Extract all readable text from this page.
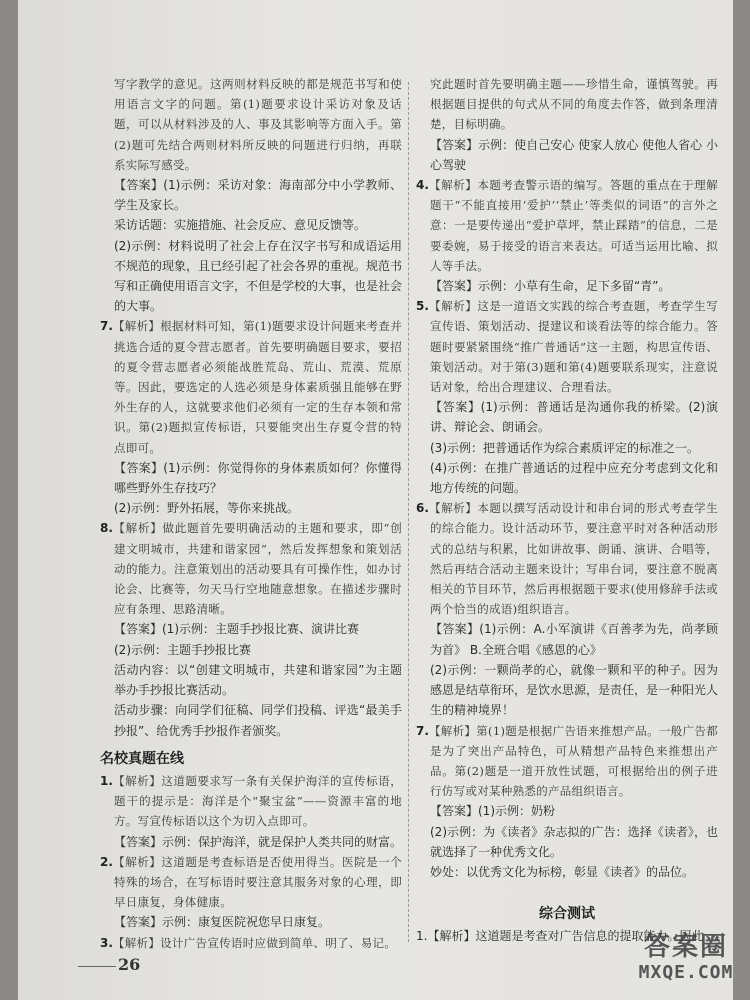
写字教学的意见。这两则材料反映的都是规范书写和使用语言文字的问题。第(1)题要求设计采访对象及话题，可以从材料涉及的人、事及其影响等方面入手。第(2)题可先结合两则材料所反映的问题进行归纳，再联系实际写感受。

【答案】(1)示例：采访对象：海南部分中小学教师、学生及家长。

采访话题：实施措施、社会反应、意见反馈等。

(2)示例：材料说明了社会上存在汉字书写和成语运用不规范的现象，且已经引起了社会各界的重视。规范书写和正确使用语言文字，不但是学校的大事，也是社会的大事。

7.【解析】根据材料可知，第(1)题要求设计问题来考查并挑选合适的夏令营志愿者。首先要明确题目要求，要招的夏令营志愿者必须能战胜荒岛、荒山、荒漠、荒原等。因此，要选定的人选必须是身体素质强且能够在野外生存的人，这就要求他们必须有一定的生存本领和常识。第(2)题拟宣传标语，只要能突出生存夏令营的特点即可。

【答案】(1)示例：你觉得你的身体素质如何？你懂得哪些野外生存技巧？

(2)示例：野外拓展，等你来挑战。

8.【解析】做此题首先要明确活动的主题和要求，即“创建文明城市，共建和谐家园”，然后发挥想象和策划活动的能力。注意策划出的活动要具有可操作性，如办讨论会、比赛等，勿天马行空地随意想象。在描述步骤时应有条理、思路清晰。

【答案】(1)示例：主题手抄报比赛、演讲比赛

(2)示例：主题手抄报比赛

活动内容：以“创建文明城市，共建和谐家园”为主题举办手抄报比赛活动。

活动步骤：向同学们征稿、同学们投稿、评选“最美手抄报”、给优秀手抄报作者颁奖。

名校真题在线

1.【解析】这道题要求写一条有关保护海洋的宣传标语，题干的提示是：海洋是个“聚宝盆”——资源丰富的地方。写宣传标语以这个为切入点即可。

【答案】示例：保护海洋，就是保护人类共同的财富。

2.【解析】这道题是考查标语是否使用得当。医院是一个特殊的场合，在写标语时要注意其服务对象的心理，即早日康复，身体健康。

【答案】示例：康复医院祝您早日康复。

3.【解析】设计广告宣传语时应做到简单、明了、易记。

究此题时首先要明确主题——珍惜生命，谨慎驾驶。再根据题目提供的句式从不同的角度去作答，做到条理清楚，目标明确。

【答案】示例：使自己安心 使家人放心 使他人省心 小心驾驶

4.【解析】本题考查警示语的编写。答题的重点在于理解题干“不能直接用‘爱护’‘禁止’等类似的词语”的言外之意：一是要传递出“爱护草坪，禁止踩踏”的信息，二是要委婉，易于接受的语言来表达。可适当运用比喻、拟人等手法。

【答案】示例：小草有生命，足下多留“青”。

5.【解析】这是一道语文实践的综合考查题，考查学生写宣传语、策划活动、提建议和谈看法等的综合能力。答题时要紧紧围绕“推广普通话”这一主题，构思宣传语、策划活动。对于第(3)题和第(4)题要联系现实，注意说话对象，给出合理建议、合理看法。

【答案】(1)示例：普通话是沟通你我的桥梁。(2)演讲、辩论会、朗诵会。

(3)示例：把普通话作为综合素质评定的标准之一。

(4)示例：在推广普通话的过程中应充分考虑到文化和地方传统的问题。

6.【解析】本题以撰写活动设计和串台词的形式考查学生的综合能力。设计活动环节，要注意平时对各种活动形式的总结与积累，比如讲故事、朗诵、演讲、合唱等，然后再结合活动主题来设计；写串台词，要注意不脱离相关的节目环节，然后再根据题干要求(使用修辞手法或两个恰当的成语)组织语言。

【答案】(1)示例：A.小军演讲《百善孝为先，尚孝顾为首》 B.全班合唱《感恩的心》

(2)示例：一颗尚孝的心，就像一颗和平的种子。因为感恩是结草衔环，是饮水思源，是责任，是一种阳光人生的精神境界！

7.【解析】第(1)题是根据广告语来推想产品。一般广告都是为了突出产品特色，可从精想产品特色来推想出产品。第(2)题是一道开放性试题，可根据给出的例子进行仿写或对某种熟悉的产品组织语言。

【答案】(1)示例：奶粉

(2)示例：为《读者》杂志拟的广告：选择《读者》，也就选择了一种优秀文化。

妙处：以优秀文化为标榜，彰显《读者》的品位。

综合测试
1.【解析】这道题是考查对广告信息的提取能力。因此
26
答案圈
MXQE.COM
